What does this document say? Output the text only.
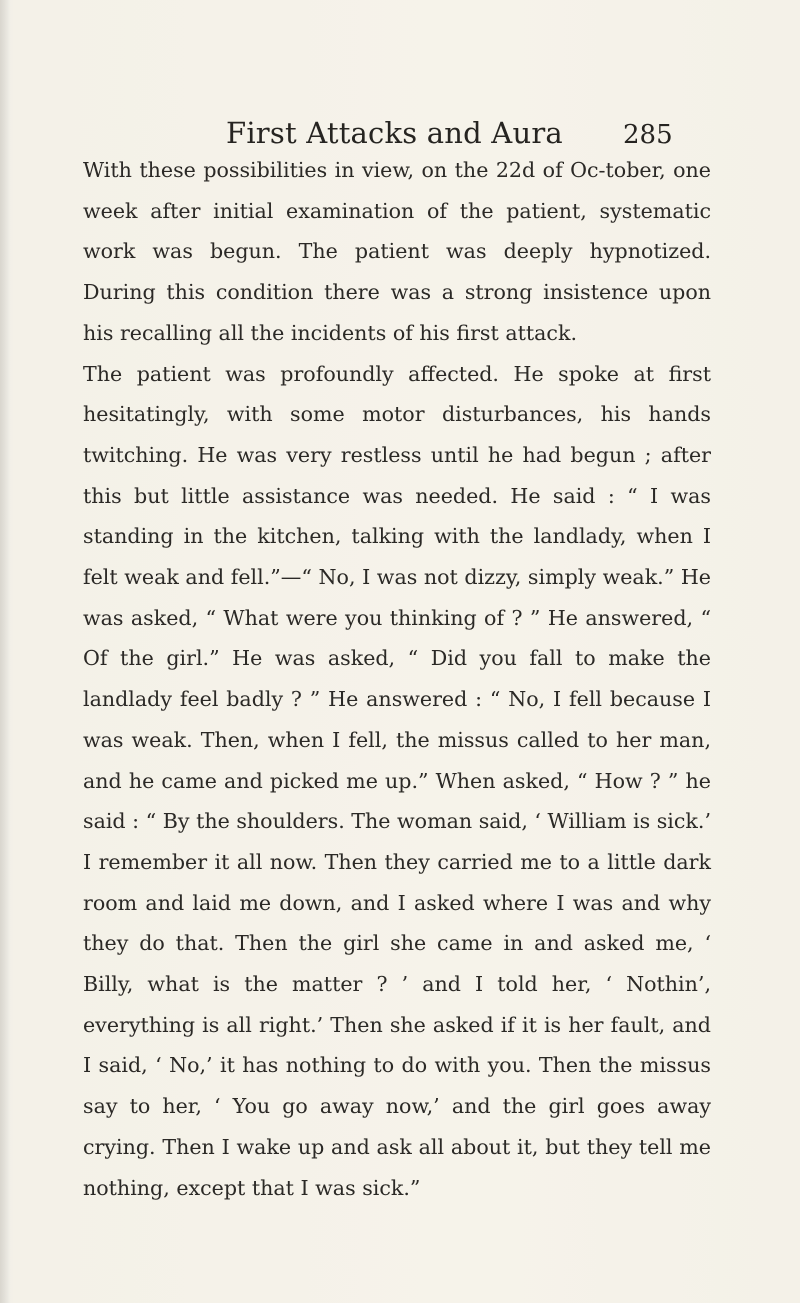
First Attacks and Aura 285

With these possibilities in view, on the 22d of Oc-tober, one week after initial examination of the patient, systematic work was begun. The patient was deeply hypnotized. During this condition there was a strong insistence upon his recalling all the incidents of his first attack.

The patient was profoundly affected. He spoke at first hesitatingly, with some motor disturbances, his hands twitching. He was very restless until he had begun ; after this but little assistance was needed. He said : “ I was standing in the kitchen, talking with the landlady, when I felt weak and fell.”—“ No, I was not dizzy, simply weak.” He was asked, “ What were you thinking of ? ” He answered, “ Of the girl.” He was asked, “ Did you fall to make the landlady feel badly ? ” He answered : “ No, I fell because I was weak. Then, when I fell, the missus called to her man, and he came and picked me up.” When asked, “ How ? ” he said : “ By the shoulders. The woman said, ‘ William is sick.’ I remember it all now. Then they carried me to a little dark room and laid me down, and I asked where I was and why they do that. Then the girl she came in and asked me, ‘ Billy, what is the matter ? ’ and I told her, ‘ Nothin’, everything is all right.’ Then she asked if it is her fault, and I said, ‘ No,’ it has nothing to do with you. Then the missus say to her, ‘ You go away now,’ and the girl goes away crying. Then I wake up and ask all about it, but they tell me nothing, except that I was sick.”
